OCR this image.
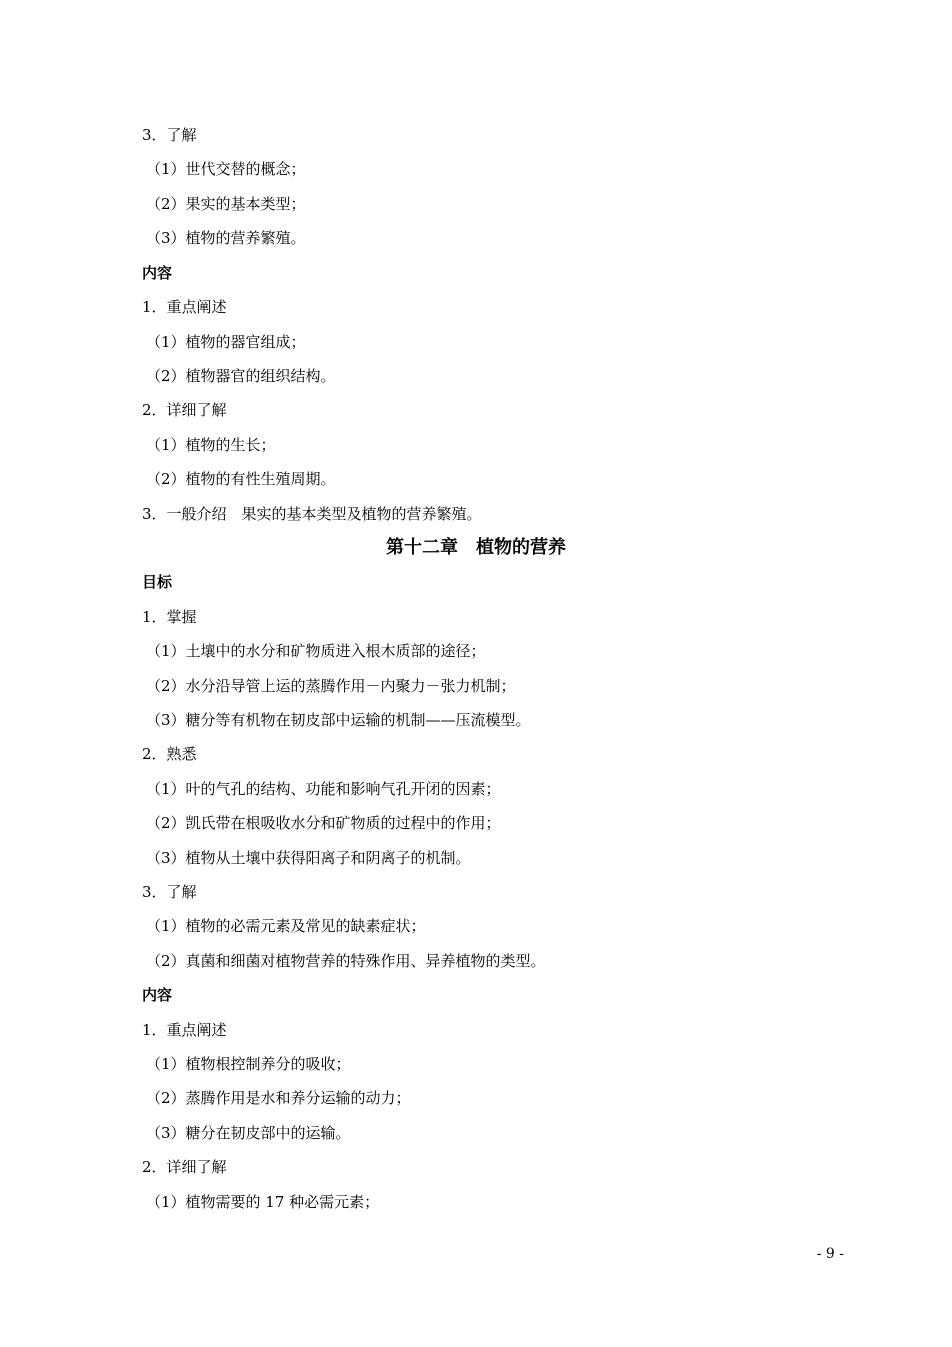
3．了解
（1）世代交替的概念；
（2）果实的基本类型；
（3）植物的营养繁殖。
内容
1．重点阐述
（1）植物的器官组成；
（2）植物器官的组织结构。
2．详细了解
（1）植物的生长；
（2）植物的有性生殖周期。
3．一般介绍　果实的基本类型及植物的营养繁殖。
第十二章　植物的营养
目标
1．掌握
（1）土壤中的水分和矿物质进入根木质部的途径；
（2）水分沿导管上运的蒸腾作用－内聚力－张力机制；
（3）糖分等有机物在韧皮部中运输的机制——压流模型。
2．熟悉
（1）叶的气孔的结构、功能和影响气孔开闭的因素；
（2）凯氏带在根吸收水分和矿物质的过程中的作用；
（3）植物从土壤中获得阳离子和阴离子的机制。
3．了解
（1）植物的必需元素及常见的缺素症状；
（2）真菌和细菌对植物营养的特殊作用、异养植物的类型。
内容
1．重点阐述
（1）植物根控制养分的吸收；
（2）蒸腾作用是水和养分运输的动力；
（3）糖分在韧皮部中的运输。
2．详细了解
（1）植物需要的 17 种必需元素；
- 9 -
